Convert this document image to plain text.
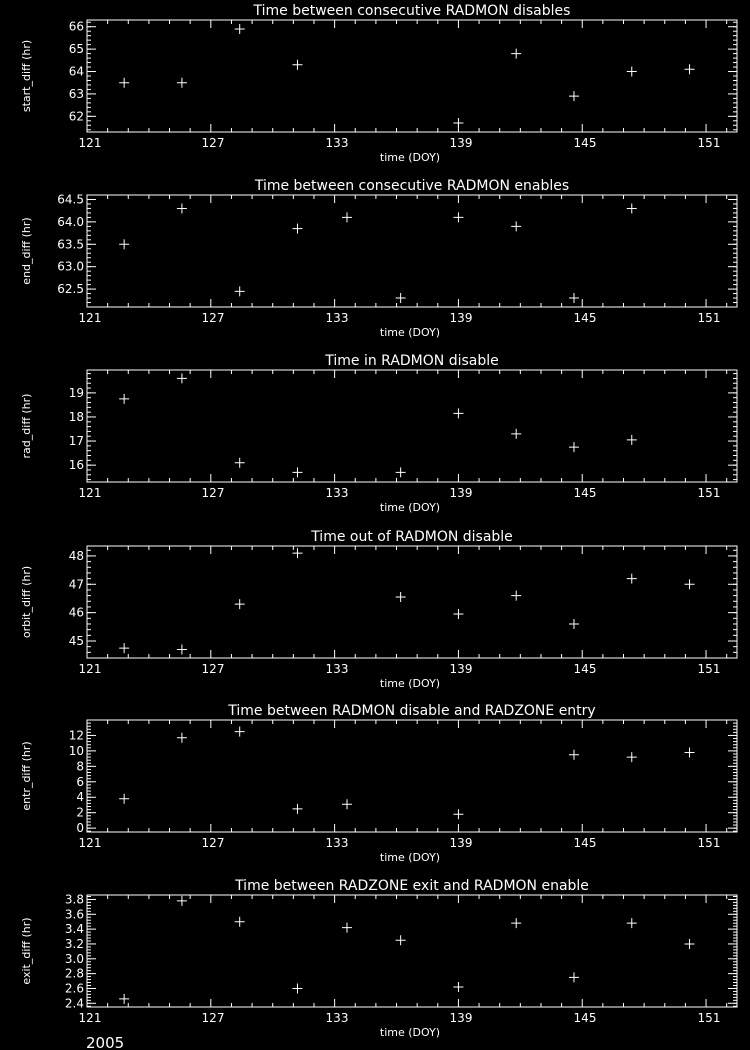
Time between consecutive RADMON disables
121	127	133	139	145	151
time (DOY)
62
63
64
65
66
start_diff (hr)
Time between consecutive RADMON enables
121	127	133	139	145	151
time (DOY)
62.5
63.0
63.5
64.0
64.5
end_diff (hr)
Time in RADMON disable
121	127	133	139	145	151
time (DOY)
16
17
18
19
rad_diff (hr)
Time out of RADMON disable
121	127	133	139	145	151
time (DOY)
45
46
47
48
orbit_diff (hr)
Time between RADMON disable and RADZONE entry
121	127	133	139	145	151
time (DOY)
0
2
4
6
8
10
12
entr_diff (hr)
Time between RADZONE exit and RADMON enable
121	127	133	139	145	151
time (DOY)
2.4
2.6
2.8
3.0
3.2
3.4
3.6
3.8
exit_diff (hr)
2005
